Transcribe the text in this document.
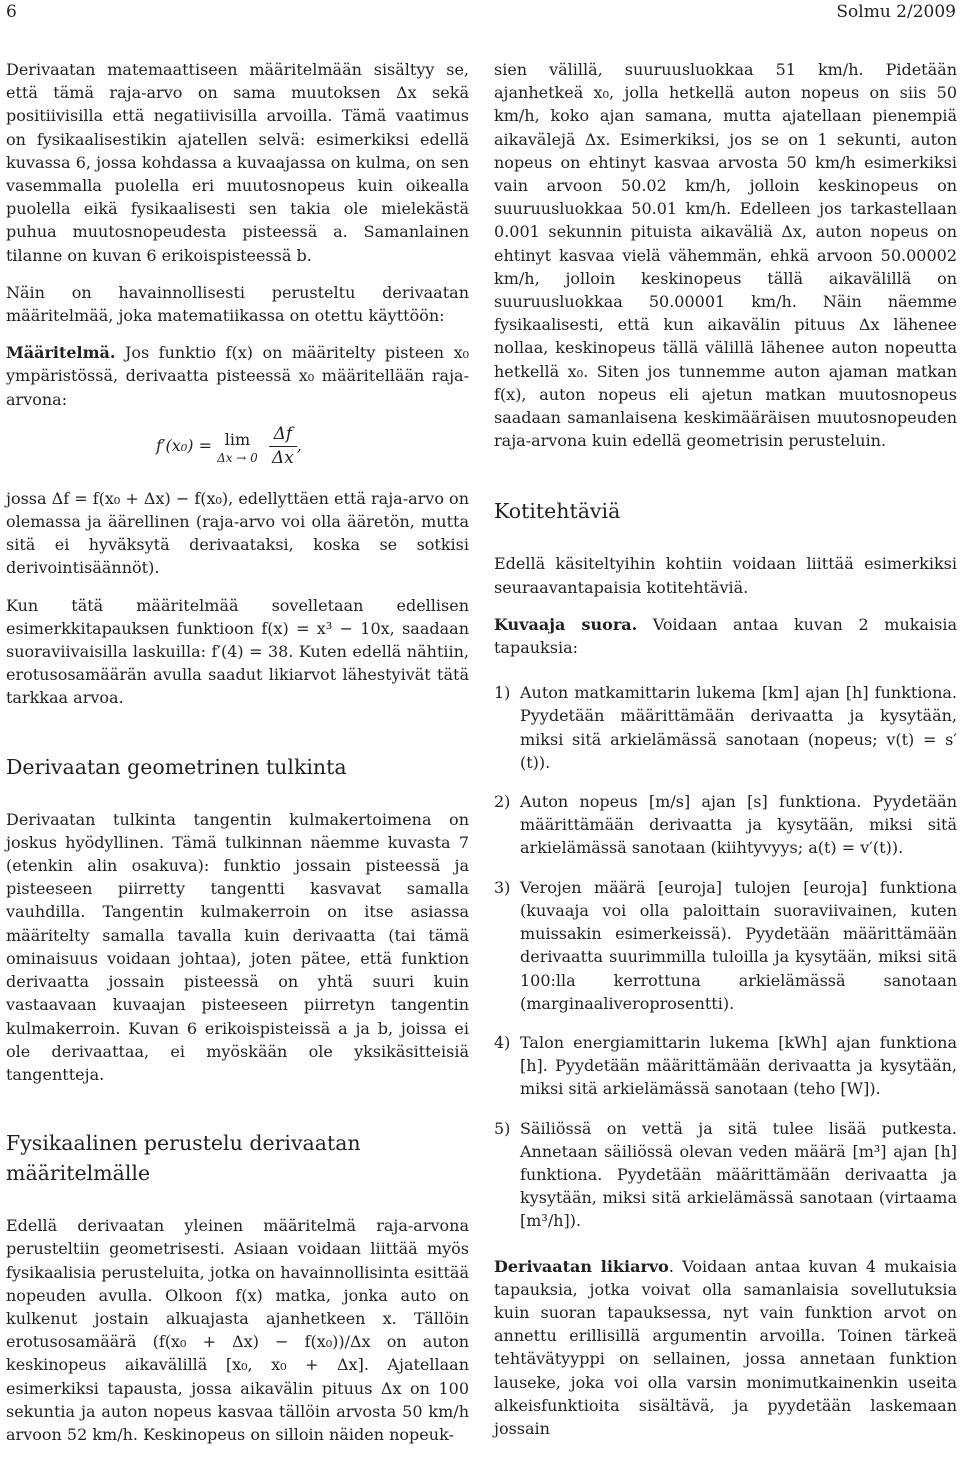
6	Solmu 2/2009

Derivaatan matemaattiseen määritelmään sisältyy se, että tämä raja-arvo on sama muutoksen Δx sekä positiivisilla että negatiivisilla arvoilla. Tämä vaatimus on fysikaalisestikin ajatellen selvä: esimerkiksi edellä kuvassa 6, jossa kohdassa a kuvaajassa on kulma, on sen vasemmalla puolella eri muutosnopeus kuin oikealla puolella eikä fysikaalisesti sen takia ole mielekästä puhua muutosnopeudesta pisteessä a. Samanlainen tilanne on kuvan 6 erikoispisteessä b.

Näin on havainnollisesti perusteltu derivaatan määritelmää, joka matematiikassa on otettu käyttöön:

Määritelmä. Jos funktio f(x) on määritelty pisteen x₀ ympäristössä, derivaatta pisteessä x₀ määritellään raja-arvona:

f′(x₀) = lim
Δx → 0
$\frac{\Delta f}{\Delta x}$ ,

jossa Δf = f(x₀ + Δx) − f(x₀), edellyttäen että raja-arvo on olemassa ja äärellinen (raja-arvo voi olla ääretön, mutta sitä ei hyväksytä derivaataksi, koska se sotkisi derivointisäännöt).

Kun tätä määritelmää sovelletaan edellisen esimerkkitapauksen funktioon f(x) = x³ − 10x, saadaan suoraviivaisilla laskuilla: f′(4) = 38. Kuten edellä nähtiin, erotusosamäärän avulla saadut likiarvot lähestyivät tätä tarkkaa arvoa.

Derivaatan geometrinen tulkinta

Derivaatan tulkinta tangentin kulmakertoimena on joskus hyödyllinen. Tämä tulkinnan näemme kuvasta 7 (etenkin alin osakuva): funktio jossain pisteessä ja pisteeseen piirretty tangentti kasvavat samalla vauhdilla. Tangentin kulmakerroin on itse asiassa määritelty samalla tavalla kuin derivaatta (tai tämä ominaisuus voidaan johtaa), joten pätee, että funktion derivaatta jossain pisteessä on yhtä suuri kuin vastaavaan kuvaajan pisteeseen piirretyn tangentin kulmakerroin. Kuvan 6 erikoispisteissä a ja b, joissa ei ole derivaattaa, ei myöskään ole yksikäsitteisiä tangentteja.

Fysikaalinen perustelu derivaatan määritelmälle

Edellä derivaatan yleinen määritelmä raja-arvona perusteltiin geometrisesti. Asiaan voidaan liittää myös fysikaalisia perusteluita, jotka on havainnollisinta esittää nopeuden avulla. Olkoon f(x) matka, jonka auto on kulkenut jostain alkuajasta ajanhetkeen x. Tällöin erotusosamäärä (f(x₀ + Δx) − f(x₀))/Δx on auton keskinopeus aikavälillä [x₀, x₀ + Δx]. Ajatellaan esimerkiksi tapausta, jossa aikavälin pituus Δx on 100 sekuntia ja auton nopeus kasvaa tällöin arvosta 50 km/h arvoon 52 km/h. Keskinopeus on silloin näiden nopeuk-

sien välillä, suuruusluokkaa 51 km/h. Pidetään ajanhetkeä x₀, jolla hetkellä auton nopeus on siis 50 km/h, koko ajan samana, mutta ajatellaan pienempiä aikavälejä Δx. Esimerkiksi, jos se on 1 sekunti, auton nopeus on ehtinyt kasvaa arvosta 50 km/h esimerkiksi vain arvoon 50.02 km/h, jolloin keskinopeus on suuruusluokkaa 50.01 km/h. Edelleen jos tarkastellaan 0.001 sekunnin pituista aikaväliä Δx, auton nopeus on ehtinyt kasvaa vielä vähemmän, ehkä arvoon 50.00002 km/h, jolloin keskinopeus tällä aikavälillä on suuruusluokkaa 50.00001 km/h. Näin näemme fysikaalisesti, että kun aikavälin pituus Δx lähenee nollaa, keskinopeus tällä välillä lähenee auton nopeutta hetkellä x₀. Siten jos tunnemme auton ajaman matkan f(x), auton nopeus eli ajetun matkan muutosnopeus saadaan samanlaisena keskimääräisen muutosnopeuden raja-arvona kuin edellä geometrisin perusteluin.

Kotitehtäviä

Edellä käsiteltyihin kohtiin voidaan liittää esimerkiksi seuraavantapaisia kotitehtäviä.

Kuvaaja suora. Voidaan antaa kuvan 2 mukaisia tapauksia:

1) Auton matkamittarin lukema [km] ajan [h] funktiona. Pyydetään määrittämään derivaatta ja kysytään, miksi sitä arkielämässä sanotaan (nopeus; v(t) = s′(t)).
2) Auton nopeus [m/s] ajan [s] funktiona. Pyydetään määrittämään derivaatta ja kysytään, miksi sitä arkielämässä sanotaan (kiihtyvyys; a(t) = v′(t)).
3) Verojen määrä [euroja] tulojen [euroja] funktiona (kuvaaja voi olla paloittain suoraviivainen, kuten muissakin esimerkeissä). Pyydetään määrittämään derivaatta suurimmilla tuloilla ja kysytään, miksi sitä 100:lla kerrottuna arkielämässä sanotaan (marginaaliveroprosentti).
4) Talon energiamittarin lukema [kWh] ajan funktiona [h]. Pyydetään määrittämään derivaatta ja kysytään, miksi sitä arkielämässä sanotaan (teho [W]).
5) Säiliössä on vettä ja sitä tulee lisää putkesta. Annetaan säiliössä olevan veden määrä [m³] ajan [h] funktiona. Pyydetään määrittämään derivaatta ja kysytään, miksi sitä arkielämässä sanotaan (virtaama [m³/h]).

Derivaatan likiarvo. Voidaan antaa kuvan 4 mukaisia tapauksia, jotka voivat olla samanlaisia sovellutuksia kuin suoran tapauksessa, nyt vain funktion arvot on annettu erillisillä argumentin arvoilla. Toinen tärkeä tehtävätyyppi on sellainen, jossa annetaan funktion lauseke, joka voi olla varsin monimutkainenkin useita alkeisfunktioita sisältävä, ja pyydetään laskemaan jossain
